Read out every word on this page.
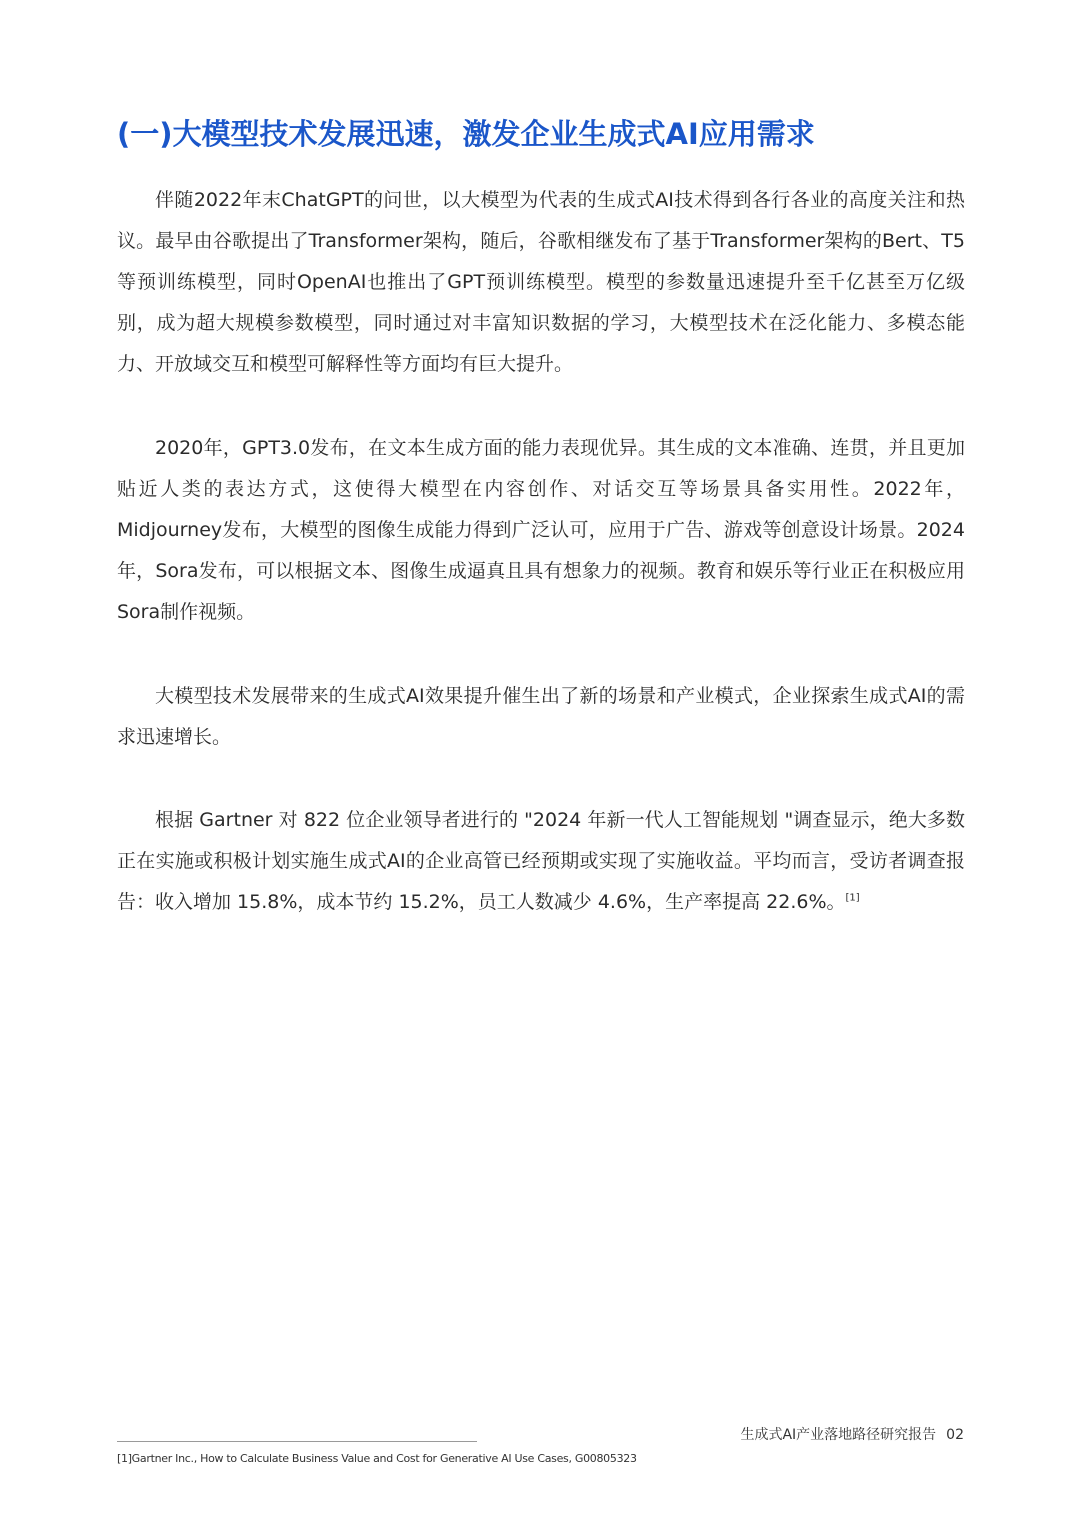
(一)大模型技术发展迅速，激发企业生成式AI应用需求

伴随2022年末ChatGPT的问世，以大模型为代表的生成式AI技术得到各行各业的高度关注和热议。最早由谷歌提出了Transformer架构，随后，谷歌相继发布了基于Transformer架构的Bert、T5等预训练模型，同时OpenAI也推出了GPT预训练模型。模型的参数量迅速提升至千亿甚至万亿级别，成为超大规模参数模型，同时通过对丰富知识数据的学习，大模型技术在泛化能力、多模态能力、开放域交互和模型可解释性等方面均有巨大提升。

2020年，GPT3.0发布，在文本生成方面的能力表现优异。其生成的文本准确、连贯，并且更加贴近人类的表达方式，这使得大模型在内容创作、对话交互等场景具备实用性。2022年，Midjourney发布，大模型的图像生成能力得到广泛认可，应用于广告、游戏等创意设计场景。2024年，Sora发布，可以根据文本、图像生成逼真且具有想象力的视频。教育和娱乐等行业正在积极应用Sora制作视频。

大模型技术发展带来的生成式AI效果提升催生出了新的场景和产业模式，企业探索生成式AI的需求迅速增长。

根据 Gartner 对 822 位企业领导者进行的 "2024 年新一代人工智能规划 "调查显示，绝大多数正在实施或积极计划实施生成式AI的企业高管已经预期或实现了实施收益。平均而言，受访者调查报告：收入增加 15.8%，成本节约 15.2%，员工人数减少 4.6%，生产率提高 22.6%。[1]

生成式AI产业落地路径研究报告 02
[1]Gartner Inc., How to Calculate Business Value and Cost for Generative AI Use Cases, G00805323
